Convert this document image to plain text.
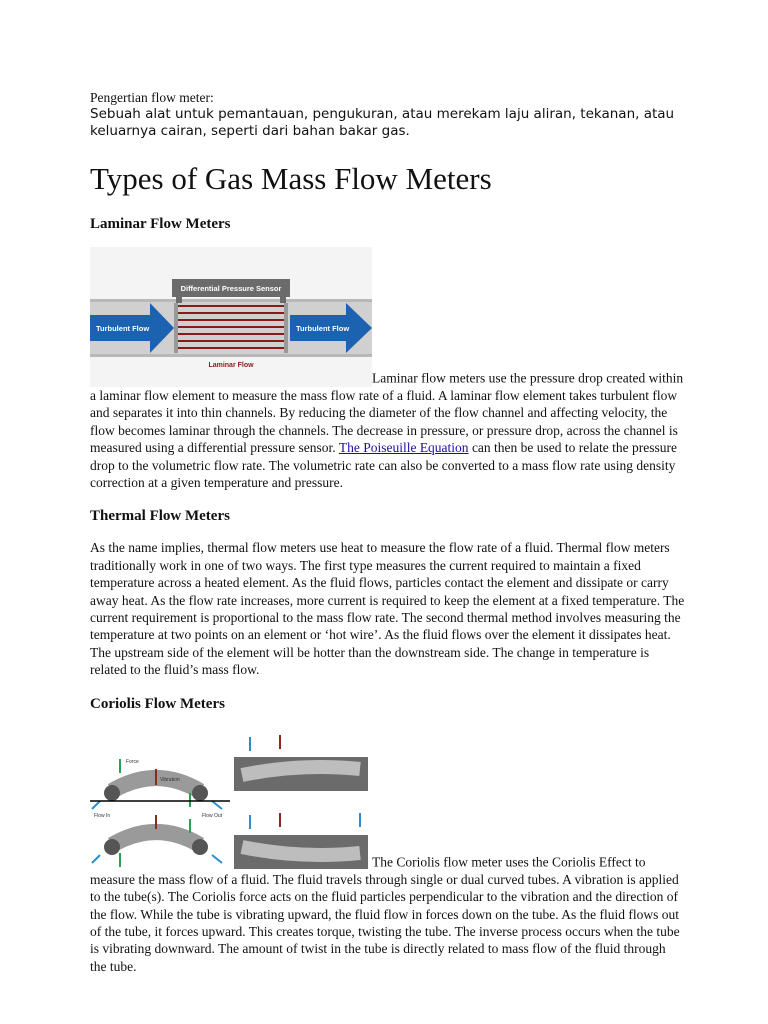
Pengertian flow meter:

Sebuah alat untuk pemantauan, pengukuran, atau merekam laju aliran, tekanan, atau keluarnya cairan, seperti dari bahan bakar gas.

Types of Gas Mass Flow Meters
Laminar Flow Meters

Differential Pressure Sensor
Turbulent Flow	Turbulent Flow
Laminar Flow
Laminar flow meters use the pressure drop created within a laminar flow element to measure the mass flow rate of a fluid. A laminar flow element takes turbulent flow and separates it into thin channels. By reducing the diameter of the flow channel and affecting velocity, the flow becomes laminar through the channels. The decrease in pressure, or pressure drop, across the channel is measured using a differential pressure sensor. The Poiseuille Equation can then be used to relate the pressure drop to the volumetric flow rate. The volumetric rate can also be converted to a mass flow rate using density correction at a given temperature and pressure.

Thermal Flow Meters

As the name implies, thermal flow meters use heat to measure the flow rate of a fluid. Thermal flow meters traditionally work in one of two ways. The first type measures the current required to maintain a fixed temperature across a heated element. As the fluid flows, particles contact the element and dissipate or carry away heat. As the flow rate increases, more current is required to keep the element at a fixed temperature. The current requirement is proportional to the mass flow rate. The second thermal method involves measuring the temperature at two points on an element or ‘hot wire’. As the fluid flows over the element it dissipates heat. The upstream side of the element will be hotter than the downstream side. The change in temperature is related to the fluid’s mass flow.

Coriolis Flow Meters

Force
Vibration
Flow In	Flow Out
The Coriolis flow meter uses the Coriolis Effect to measure the mass flow of a fluid. The fluid travels through single or dual curved tubes. A vibration is applied to the tube(s). The Coriolis force acts on the fluid particles perpendicular to the vibration and the direction of the flow. While the tube is vibrating upward, the fluid flow in forces down on the tube. As the fluid flows out of the tube, it forces upward. This creates torque, twisting the tube. The inverse process occurs when the tube is vibrating downward. The amount of twist in the tube is directly related to mass flow of the fluid through the tube.
